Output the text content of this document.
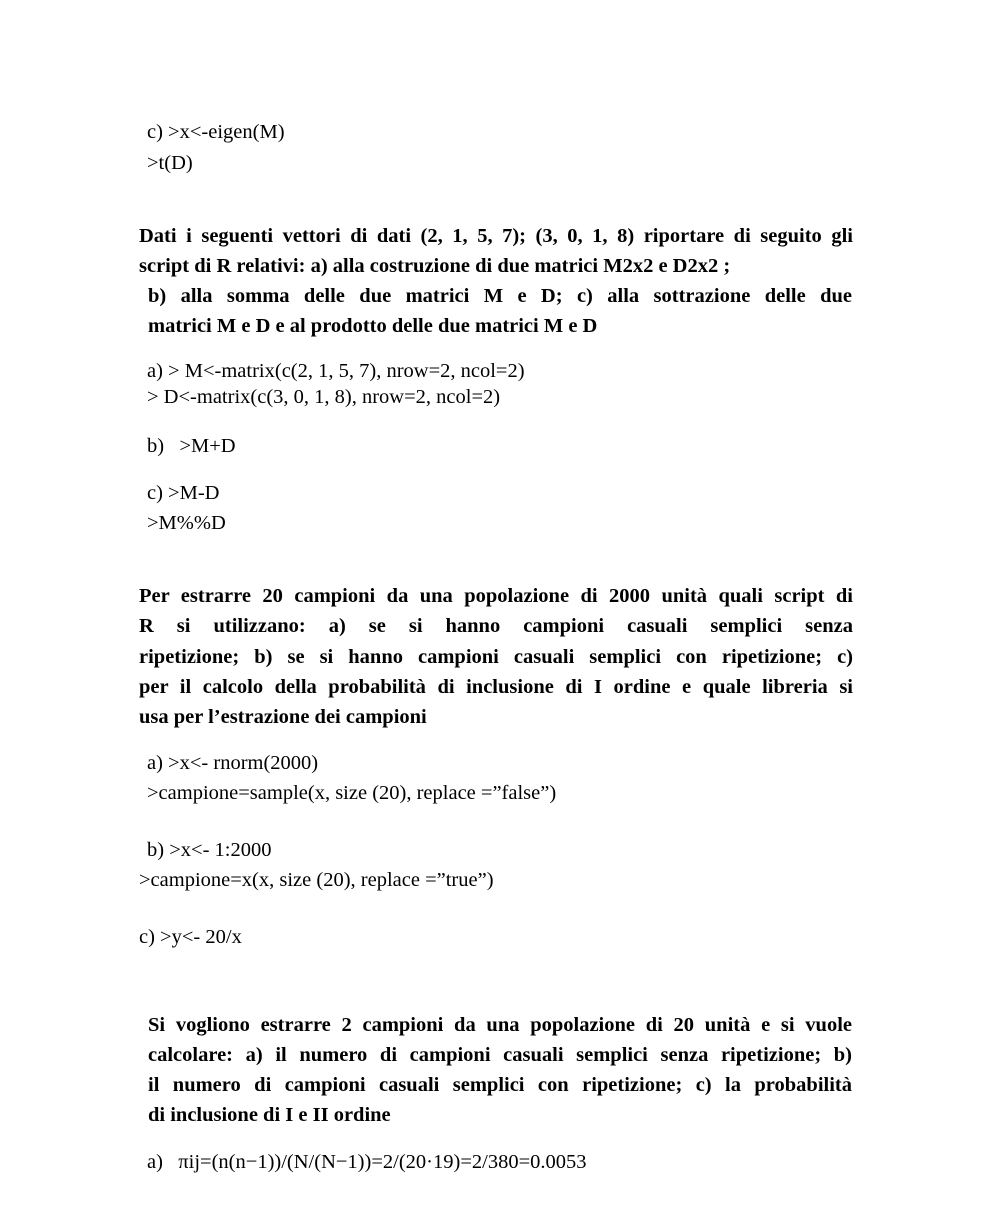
c) >x<-eigen(M)
>t(D)
Dati i seguenti vettori di dati (2, 1, 5, 7); (3, 0, 1, 8) riportare di seguito gli
script di R relativi: a) alla costruzione di due matrici M2x2 e D2x2 ;
b) alla somma delle due matrici M e D; c) alla sottrazione delle due
matrici M e D e al prodotto delle due matrici M e D
a) > M<-matrix(c(2, 1, 5, 7), nrow=2, ncol=2)
> D<-matrix(c(3, 0, 1, 8), nrow=2, ncol=2)
b)   >M+D
c) >M-D
>M%%D
Per estrarre 20 campioni da una popolazione di 2000 unità quali script di
R si utilizzano: a) se si hanno campioni casuali semplici senza
ripetizione; b) se si hanno campioni casuali semplici con ripetizione; c)
per il calcolo della probabilità di inclusione di I ordine e quale libreria si
usa per l’estrazione dei campioni
a) >x<- rnorm(2000)
>campione=sample(x, size (20), replace =”false”)
b) >x<- 1:2000
>campione=x(x, size (20), replace =”true”)
c) >y<- 20/x
Si vogliono estrarre 2 campioni da una popolazione di 20 unità e si vuole
calcolare: a) il numero di campioni casuali semplici senza ripetizione; b)
il numero di campioni casuali semplici con ripetizione; c) la probabilità
di inclusione di I e II ordine
a)   πij=(n(n−1))/(N/(N−1))=2/(20·19)=2/380=0.0053
